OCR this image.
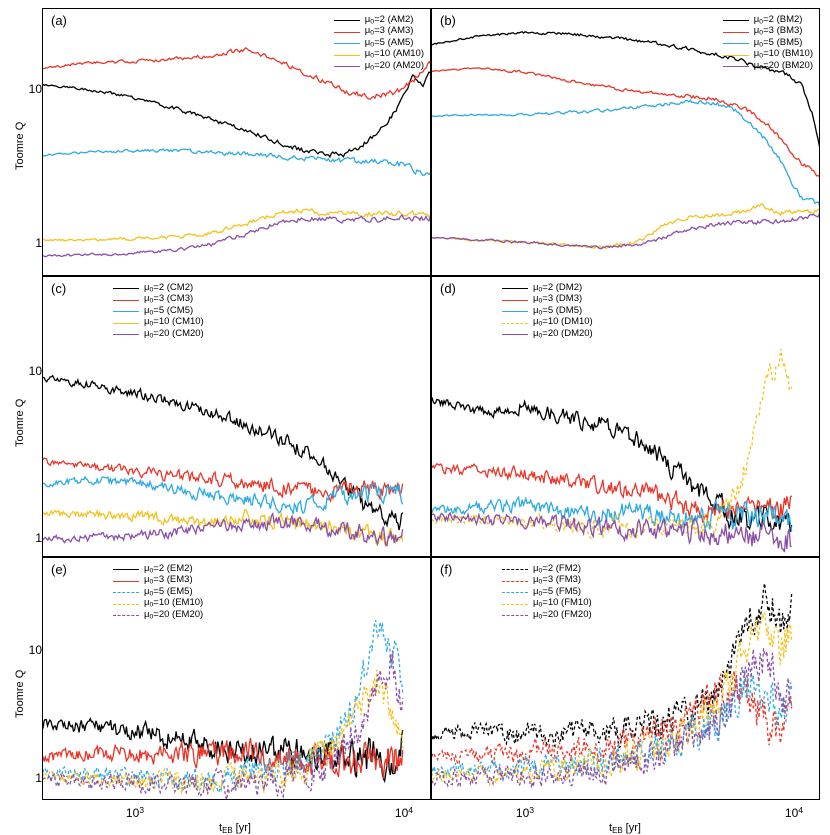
Toomre Q
Toomre Q
Toomre Q
10
1
10
1
10
1
$10^3$	$10^4$	$10^3$	$10^4$
$t_{EB}$ [yr]	$t_{EB}$ [yr]
(a)	$\mu_0=2$ (AM2)
$\mu_0=3$ (AM3)
$\mu_0=5$ (AM5)
$\mu_0=10$ (AM10)
$\mu_0=20$ (AM20)
(b)	$\mu_0=2$ (BM2)
$\mu_0=3$ (BM3)
$\mu_0=5$ (BM5)
$\mu_0=10$ (BM10)
$\mu_0=20$ (BM20)
(c)	$\mu_0=2$ (CM2)
$\mu_0=3$ (CM3)
$\mu_0=5$ (CM5)
$\mu_0=10$ (CM10)
$\mu_0=20$ (CM20)
(d)	$\mu_0=2$ (DM2)
$\mu_0=3$ (DM3)
$\mu_0=5$ (DM5)
$\mu_0=10$ (DM10)
$\mu_0=20$ (DM20)
(e)	$\mu_0=2$ (EM2)
$\mu_0=3$ (EM3)
$\mu_0=5$ (EM5)
$\mu_0=10$ (EM10)
$\mu_0=20$ (EM20)
(f)	$\mu_0=2$ (FM2)
$\mu_0=3$ (FM3)
$\mu_0=5$ (FM5)
$\mu_0=10$ (FM10)
$\mu_0=20$ (FM20)
